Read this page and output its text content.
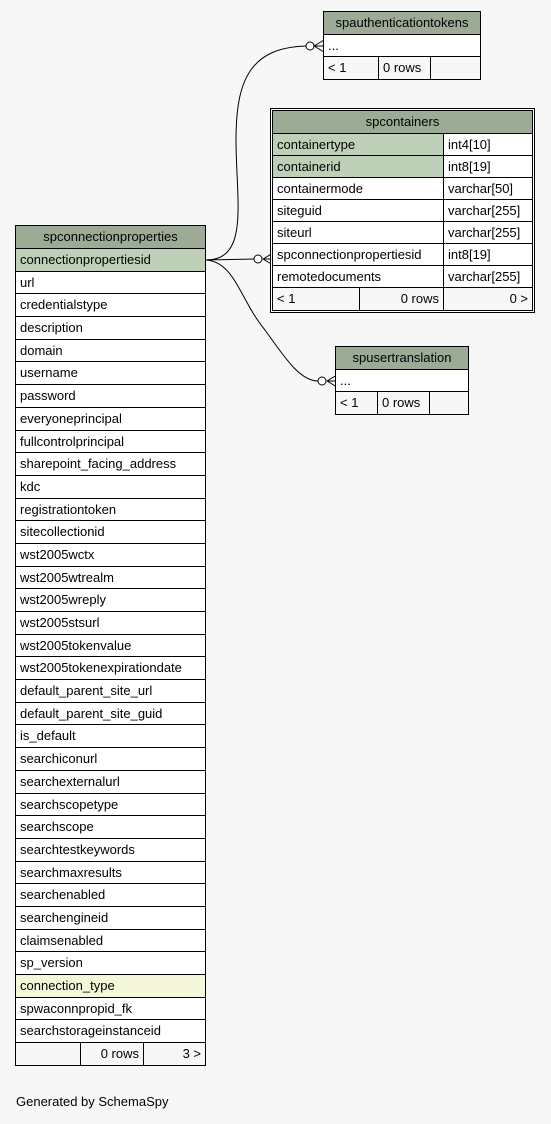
spauthenticationtokens
...
< 1	0 rows
spcontainers
containertype	int4[10]
containerid	int8[19]
containermode	varchar[50]
siteguid	varchar[255]
siteurl	varchar[255]
spconnectionpropertiesid	int8[19]
remotedocuments	varchar[255]
< 1	0 rows	0 >
spusertranslation
...
< 1	0 rows
spconnectionproperties
connectionpropertiesid
url
credentialstype
description
domain
username
password
everyoneprincipal
fullcontrolprincipal
sharepoint_facing_address
kdc
registrationtoken
sitecollectionid
wst2005wctx
wst2005wtrealm
wst2005wreply
wst2005stsurl
wst2005tokenvalue
wst2005tokenexpirationdate
default_parent_site_url
default_parent_site_guid
is_default
searchiconurl
searchexternalurl
searchscopetype
searchscope
searchtestkeywords
searchmaxresults
searchenabled
searchengineid
claimsenabled
sp_version
connection_type
spwaconnpropid_fk
searchstorageinstanceid
0 rows	3 >
Generated by SchemaSpy
